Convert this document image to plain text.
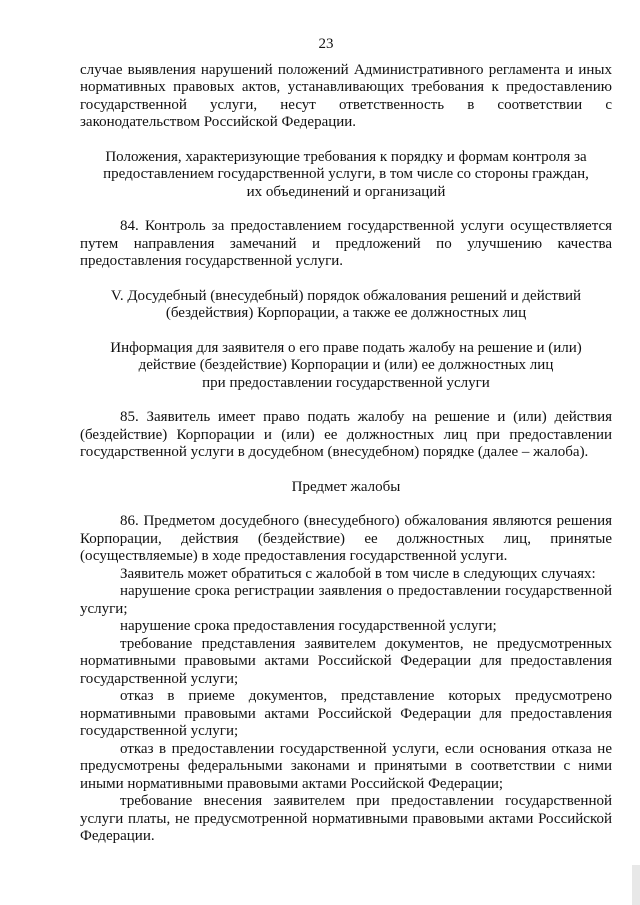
23

случае выявления нарушений положений Административного регламента и иных нормативных правовых актов, устанавливающих требования к предоставлению государственной услуги, несут ответственность в соответствии с законодательством Российской Федерации.

Положения, характеризующие требования к порядку и формам контроля за
предоставлением государственной услуги, в том числе со стороны граждан,
их объединений и организаций

84. Контроль за предоставлением государственной услуги осуществляется путем направления замечаний и предложений по улучшению качества предоставления государственной услуги.

V. Досудебный (внесудебный) порядок обжалования решений и действий
(бездействия) Корпорации, а также ее должностных лиц
Информация для заявителя о его праве подать жалобу на решение и (или)
действие (бездействие) Корпорации и (или) ее должностных лиц
при предоставлении государственной услуги

85. Заявитель имеет право подать жалобу на решение и (или) действия (бездействие) Корпорации и (или) ее должностных лиц при предоставлении государственной услуги в досудебном (внесудебном) порядке (далее – жалоба).

Предмет жалобы

86. Предметом досудебного (внесудебного) обжалования являются решения Корпорации, действия (бездействие) ее должностных лиц, принятые (осуществляемые) в ходе предоставления государственной услуги.

Заявитель может обратиться с жалобой в том числе в следующих случаях:

нарушение срока регистрации заявления о предоставлении государственной услуги;

нарушение срока предоставления государственной услуги;

требование представления заявителем документов, не предусмотренных нормативными правовыми актами Российской Федерации для предоставления государственной услуги;

отказ в приеме документов, представление которых предусмотрено нормативными правовыми актами Российской Федерации для предоставления государственной услуги;

отказ в предоставлении государственной услуги, если основания отказа не предусмотрены федеральными законами и принятыми в соответствии с ними иными нормативными правовыми актами Российской Федерации;

требование внесения заявителем при предоставлении государственной услуги платы, не предусмотренной нормативными правовыми актами Российской Федерации.
